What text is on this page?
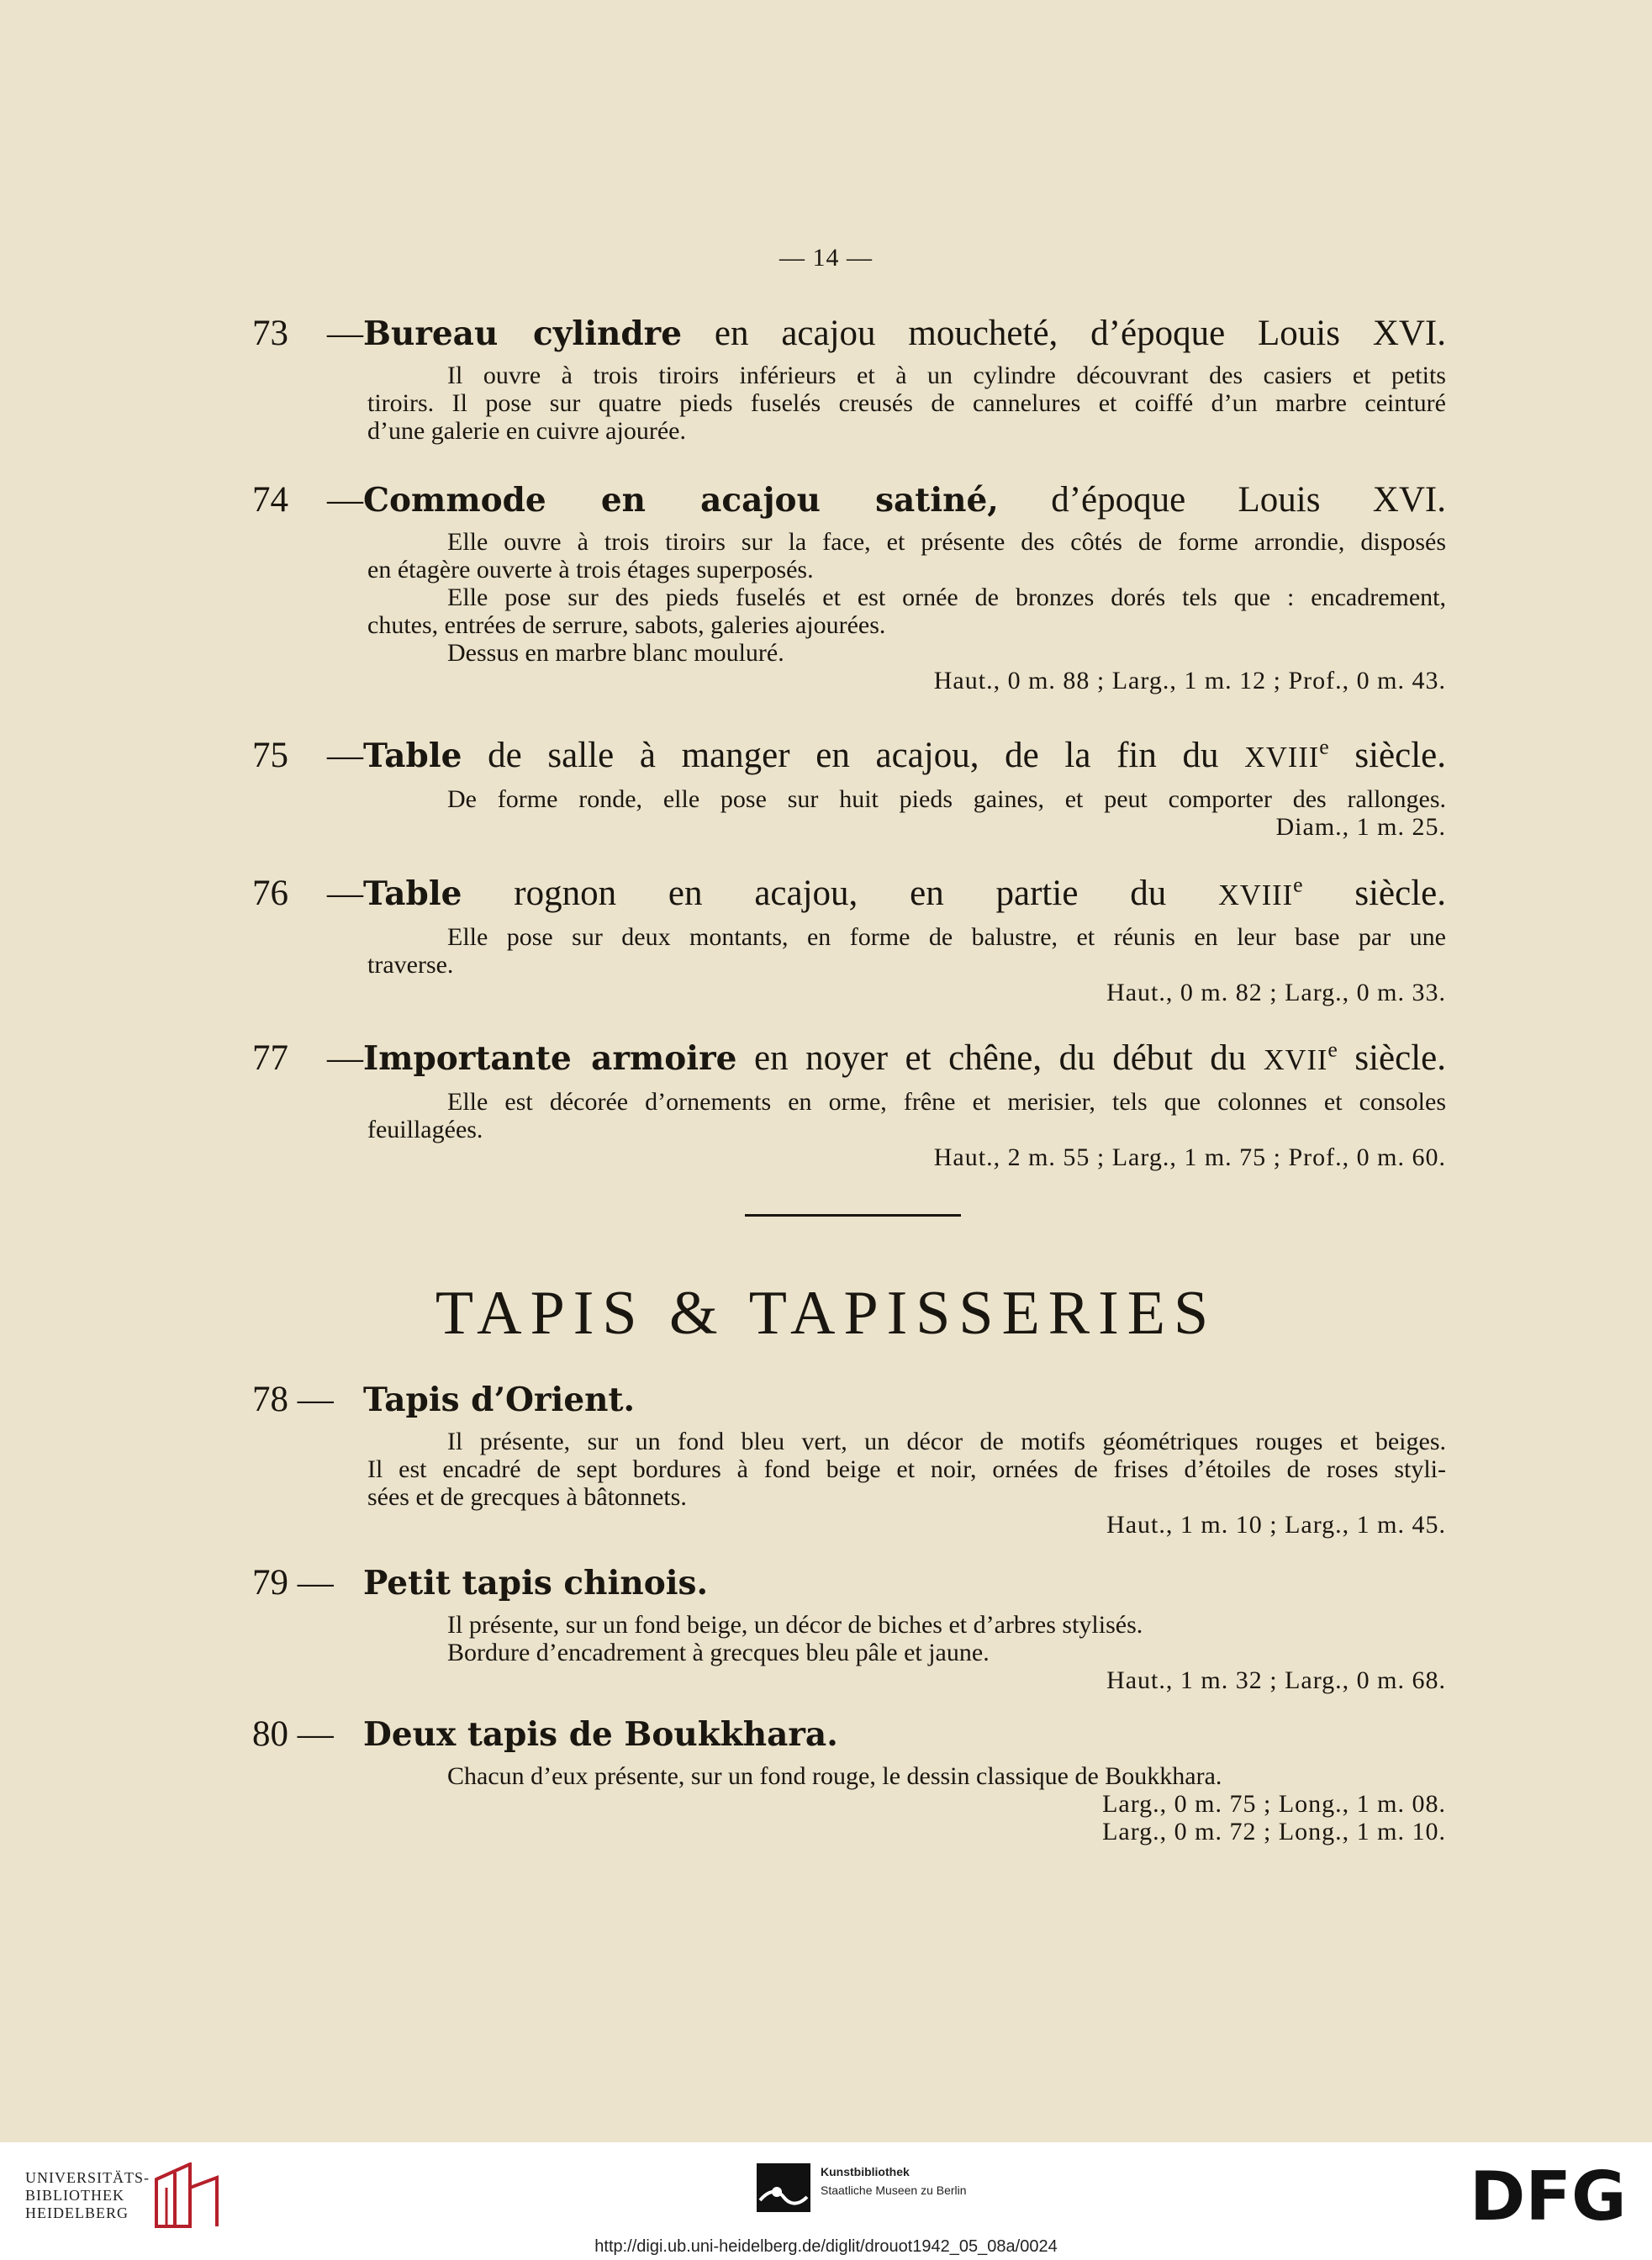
— 14 —
73 —Bureau cylindre en acajou moucheté, d’époque Louis XVI.
Il ouvre à trois tiroirs inférieurs et à un cylindre découvrant des casiers et petits
tiroirs. Il pose sur quatre pieds fuselés creusés de cannelures et coiffé d’un marbre ceinturé
d’une galerie en cuivre ajourée.
74 —Commode en acajou satiné, d’époque Louis XVI.
Elle ouvre à trois tiroirs sur la face, et présente des côtés de forme arrondie, disposés
en étagère ouverte à trois étages superposés.
Elle pose sur des pieds fuselés et est ornée de bronzes dorés tels que : encadrement,
chutes, entrées de serrure, sabots, galeries ajourées.
Dessus en marbre blanc mouluré.
Haut., 0 m. 88 ; Larg., 1 m. 12 ; Prof., 0 m. 43.
75 —Table de salle à manger en acajou, de la fin du XVIIIe siècle.
De forme ronde, elle pose sur huit pieds gaines, et peut comporter des rallonges.
Diam., 1 m. 25.
76 —Table rognon en acajou, en partie du XVIIIe siècle.
Elle pose sur deux montants, en forme de balustre, et réunis en leur base par une
traverse.
Haut., 0 m. 82 ; Larg., 0 m. 33.
77 —Importante armoire en noyer et chêne, du début du XVIIe siècle.
Elle est décorée d’ornements en orme, frêne et merisier, tels que colonnes et consoles
feuillagées.
Haut., 2 m. 55 ; Larg., 1 m. 75 ; Prof., 0 m. 60.
TAPIS & TAPISSERIES
78 — Tapis d’Orient.
Il présente, sur un fond bleu vert, un décor de motifs géométriques rouges et beiges.
Il est encadré de sept bordures à fond beige et noir, ornées de frises d’étoiles de roses styli-
sées et de grecques à bâtonnets.
Haut., 1 m. 10 ; Larg., 1 m. 45.
79 — Petit tapis chinois.
Il présente, sur un fond beige, un décor de biches et d’arbres stylisés.
Bordure d’encadrement à grecques bleu pâle et jaune.
Haut., 1 m. 32 ; Larg., 0 m. 68.
80 — Deux tapis de Boukkhara.
Chacun d’eux présente, sur un fond rouge, le dessin classique de Boukkhara.
Larg., 0 m. 75 ; Long., 1 m. 08.
Larg., 0 m. 72 ; Long., 1 m. 10.
UNIVERSITÄTS-
BIBLIOTHEK
HEIDELBERG
Kunstbibliothek
Staatliche Museen zu Berlin	DFG
http://digi.ub.uni-heidelberg.de/diglit/drouot1942_05_08a/0024
